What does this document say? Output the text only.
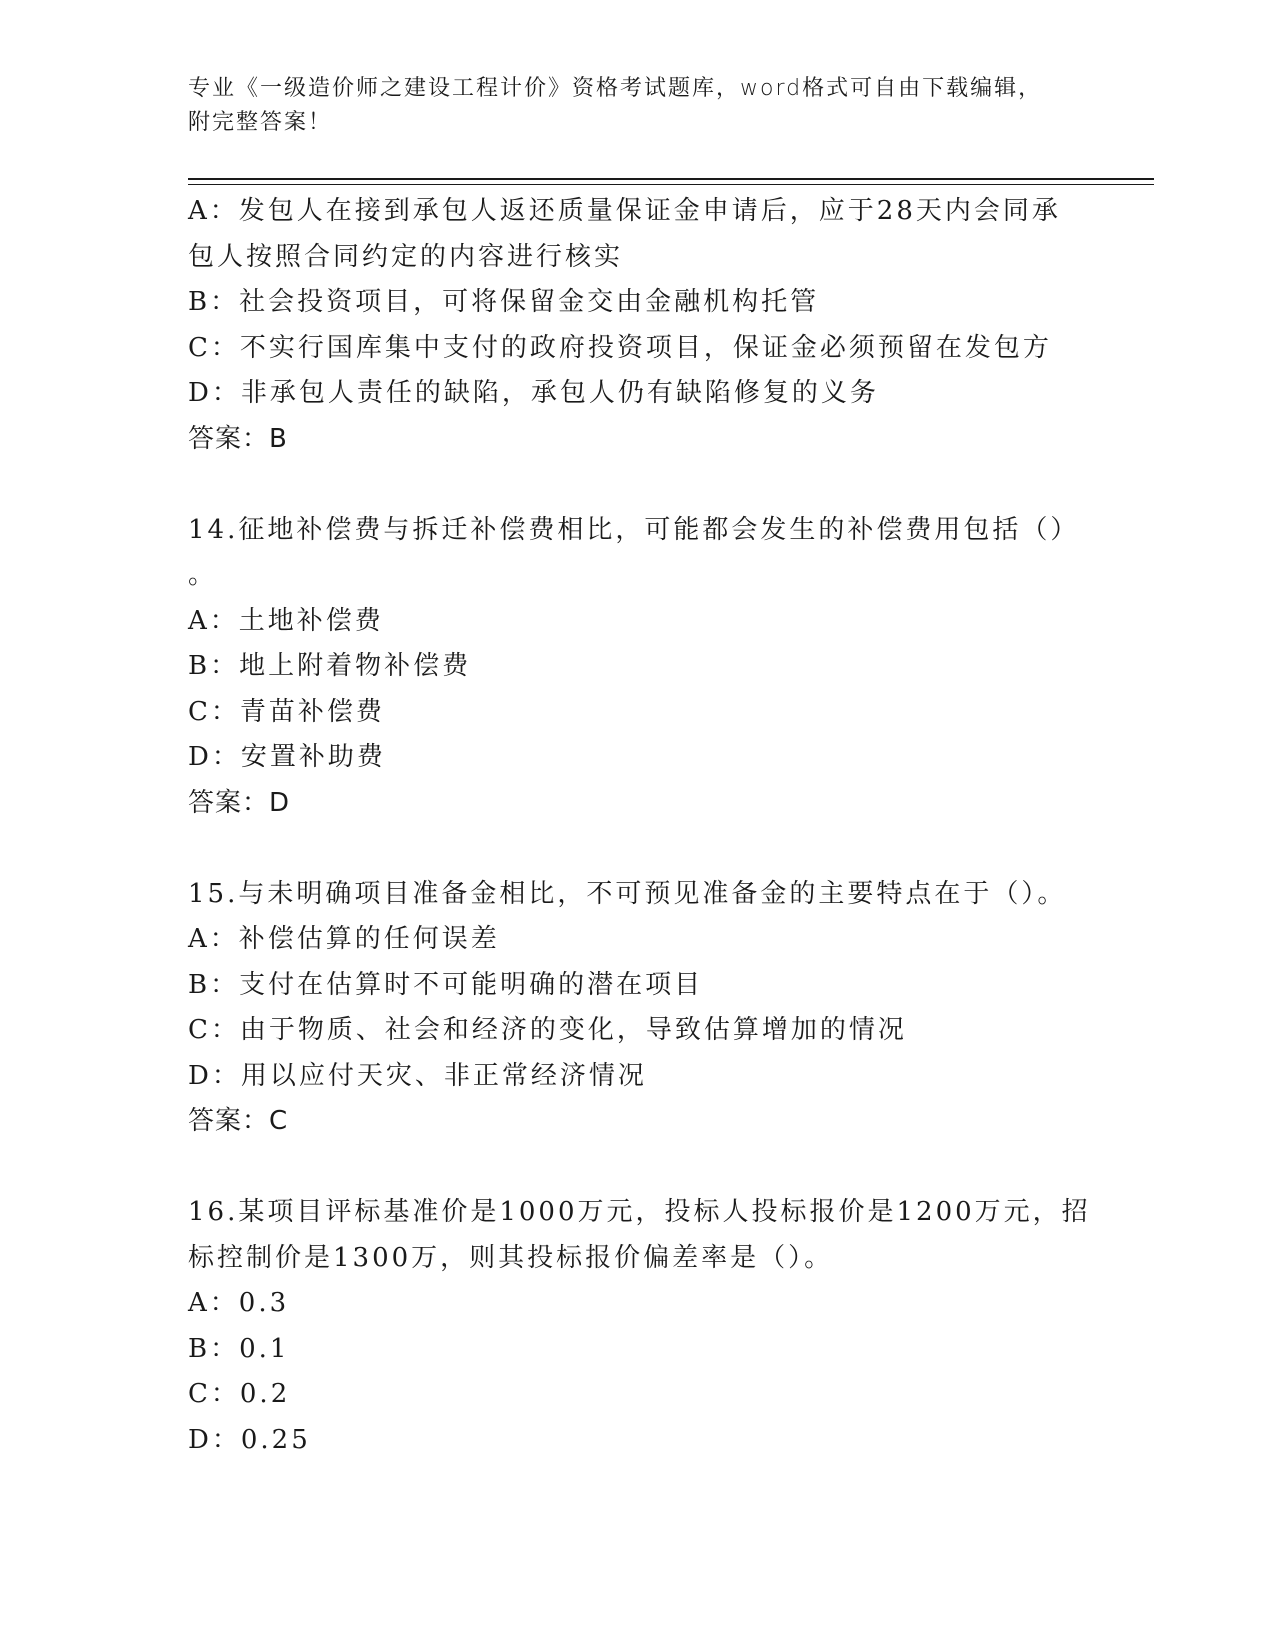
专业《一级造价师之建设工程计价》资格考试题库，word格式可自由下载编辑，
附完整答案！
A：发包人在接到承包人返还质量保证金申请后，应于28天内会同承
包人按照合同约定的内容进行核实
B：社会投资项目，可将保留金交由金融机构托管
C：不实行国库集中支付的政府投资项目，保证金必须预留在发包方
D：非承包人责任的缺陷，承包人仍有缺陷修复的义务
答案：B
14.征地补偿费与拆迁补偿费相比，可能都会发生的补偿费用包括（）
。
A：土地补偿费
B：地上附着物补偿费
C：青苗补偿费
D：安置补助费
答案：D
15.与未明确项目准备金相比，不可预见准备金的主要特点在于（）。
A：补偿估算的任何误差
B：支付在估算时不可能明确的潜在项目
C：由于物质、社会和经济的变化，导致估算增加的情况
D：用以应付天灾、非正常经济情况
答案：C
16.某项目评标基准价是1000万元，投标人投标报价是1200万元，招
标控制价是1300万，则其投标报价偏差率是（）。
A：0.3
B：0.1
C：0.2
D：0.25
